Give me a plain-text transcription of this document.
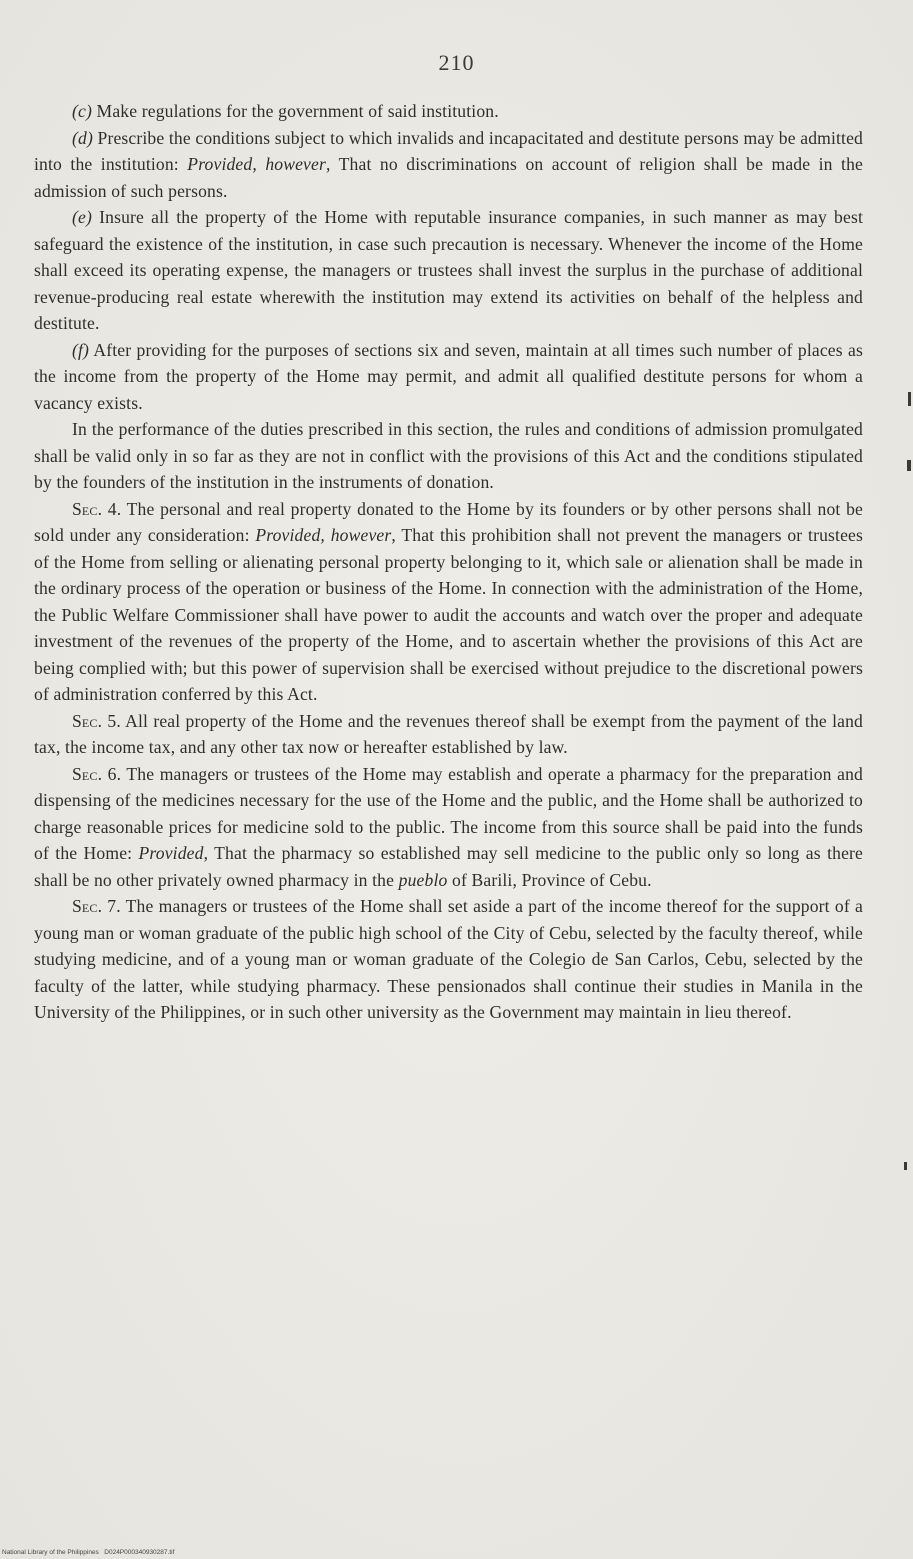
210

(c) Make regulations for the government of said institution.

(d) Prescribe the conditions subject to which invalids and incapacitated and destitute persons may be admitted into the institution: Provided, however, That no discriminations on account of religion shall be made in the admission of such persons.

(e) Insure all the property of the Home with reputable insurance companies, in such manner as may best safeguard the existence of the institution, in case such precaution is necessary. Whenever the income of the Home shall exceed its operating expense, the managers or trustees shall invest the surplus in the purchase of additional revenue-producing real estate wherewith the institution may extend its activities on behalf of the helpless and destitute.

(f) After providing for the purposes of sections six and seven, maintain at all times such number of places as the income from the property of the Home may permit, and admit all qualified destitute persons for whom a vacancy exists.

In the performance of the duties prescribed in this section, the rules and conditions of admission promulgated shall be valid only in so far as they are not in conflict with the provisions of this Act and the conditions stipulated by the founders of the institution in the instruments of donation.

Sec. 4. The personal and real property donated to the Home by its founders or by other persons shall not be sold under any consideration: Provided, however, That this prohibition shall not prevent the managers or trustees of the Home from selling or alienating personal property belonging to it, which sale or alienation shall be made in the ordinary process of the operation or business of the Home. In connection with the administration of the Home, the Public Welfare Commissioner shall have power to audit the accounts and watch over the proper and adequate investment of the revenues of the property of the Home, and to ascertain whether the provisions of this Act are being complied with; but this power of supervision shall be exercised without prejudice to the discretional powers of administration conferred by this Act.

Sec. 5. All real property of the Home and the revenues thereof shall be exempt from the payment of the land tax, the income tax, and any other tax now or hereafter established by law.

Sec. 6. The managers or trustees of the Home may establish and operate a pharmacy for the preparation and dispensing of the medicines necessary for the use of the Home and the public, and the Home shall be authorized to charge reasonable prices for medicine sold to the public. The income from this source shall be paid into the funds of the Home: Provided, That the pharmacy so established may sell medicine to the public only so long as there shall be no other privately owned pharmacy in the pueblo of Barili, Province of Cebu.

Sec. 7. The managers or trustees of the Home shall set aside a part of the income thereof for the support of a young man or woman graduate of the public high school of the City of Cebu, selected by the faculty thereof, while studying medicine, and of a young man or woman graduate of the Colegio de San Carlos, Cebu, selected by the faculty of the latter, while studying pharmacy. These pensionados shall continue their studies in Manila in the University of the Philippines, or in such other university as the Government may maintain in lieu thereof.

National Library of the Philippines D024P000340930287.tif
